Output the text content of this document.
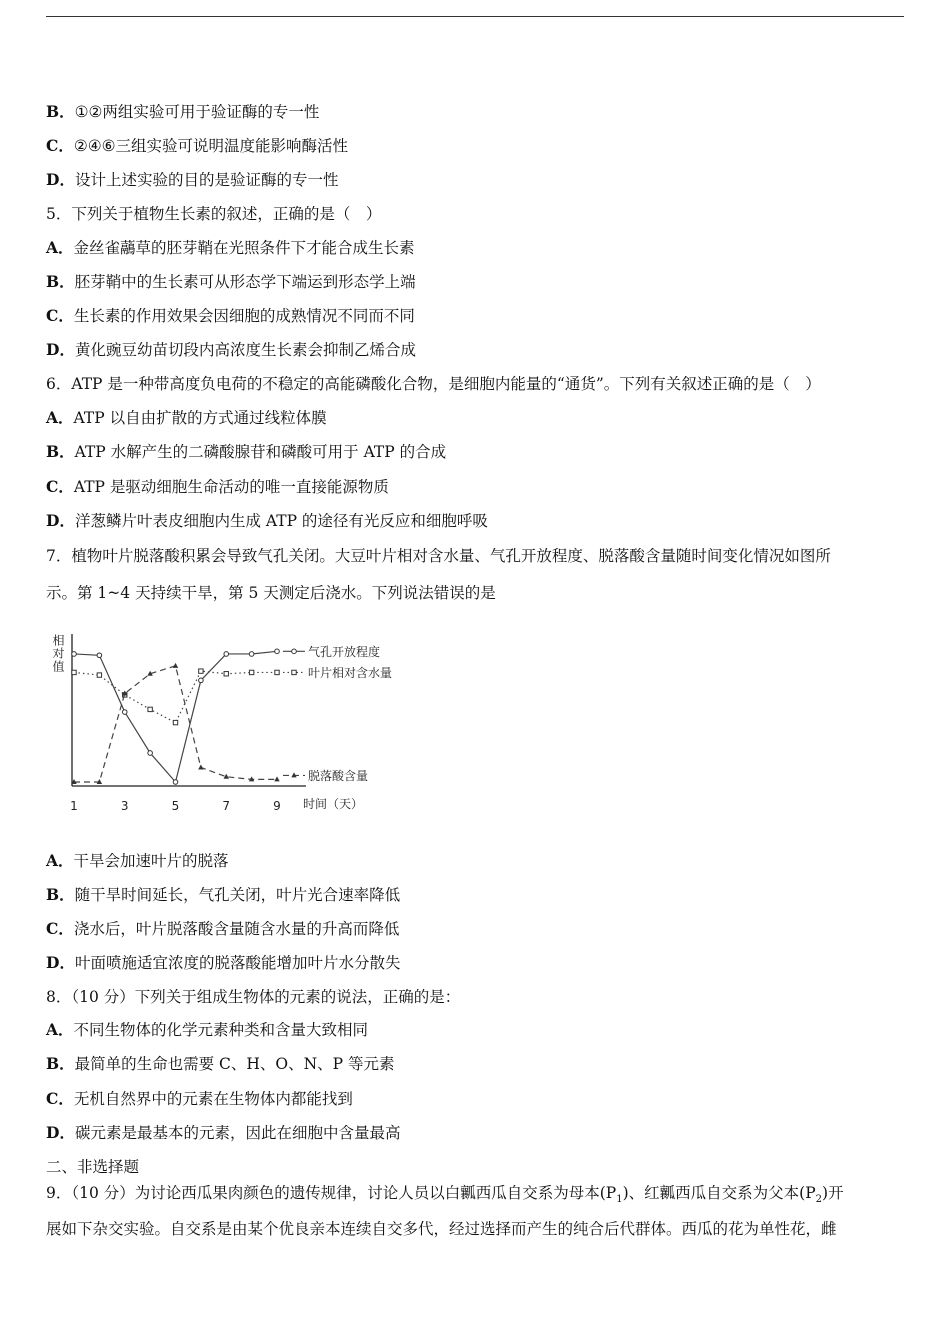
B．①②两组实验可用于验证酶的专一性
C．②④⑥三组实验可说明温度能影响酶活性
D．设计上述实验的目的是验证酶的专一性
5．下列关于植物生长素的叙述，正确的是（　）
A．金丝雀虉草的胚芽鞘在光照条件下才能合成生长素
B．胚芽鞘中的生长素可从形态学下端运到形态学上端
C．生长素的作用效果会因细胞的成熟情况不同而不同
D．黄化豌豆幼苗切段内高浓度生长素会抑制乙烯合成
6．ATP 是一种带高度负电荷的不稳定的高能磷酸化合物，是细胞内能量的“通货”。下列有关叙述正确的是（　）
A．ATP 以自由扩散的方式通过线粒体膜
B．ATP 水解产生的二磷酸腺苷和磷酸可用于 ATP 的合成
C．ATP 是驱动细胞生命活动的唯一直接能源物质
D．洋葱鳞片叶表皮细胞内生成 ATP 的途径有光反应和细胞呼吸
7．植物叶片脱落酸积累会导致气孔关闭。大豆叶片相对含水量、气孔开放程度、脱落酸含量随时间变化情况如图所
示。第 1~4 天持续干旱，第 5 天测定后浇水。下列说法错误的是
相对值
时间（天）
1	3	5	7	9
气孔开放程度
叶片相对含水量
脱落酸含量
A．干旱会加速叶片的脱落
B．随干旱时间延长，气孔关闭，叶片光合速率降低
C．浇水后，叶片脱落酸含量随含水量的升高而降低
D．叶面喷施适宜浓度的脱落酸能增加叶片水分散失
8．（10 分）下列关于组成生物体的元素的说法，正确的是：
A．不同生物体的化学元素种类和含量大致相同
B．最简单的生命也需要 C、H、O、N、P 等元素
C．无机自然界中的元素在生物体内都能找到
D．碳元素是最基本的元素，因此在细胞中含量最高
二、非选择题
9．（10 分）为讨论西瓜果肉颜色的遗传规律，讨论人员以白瓤西瓜自交系为母本$(P_1)$、红瓤西瓜自交系为父本$(P_2)$开
展如下杂交实验。自交系是由某个优良亲本连续自交多代，经过选择而产生的纯合后代群体。西瓜的花为单性花，雌
